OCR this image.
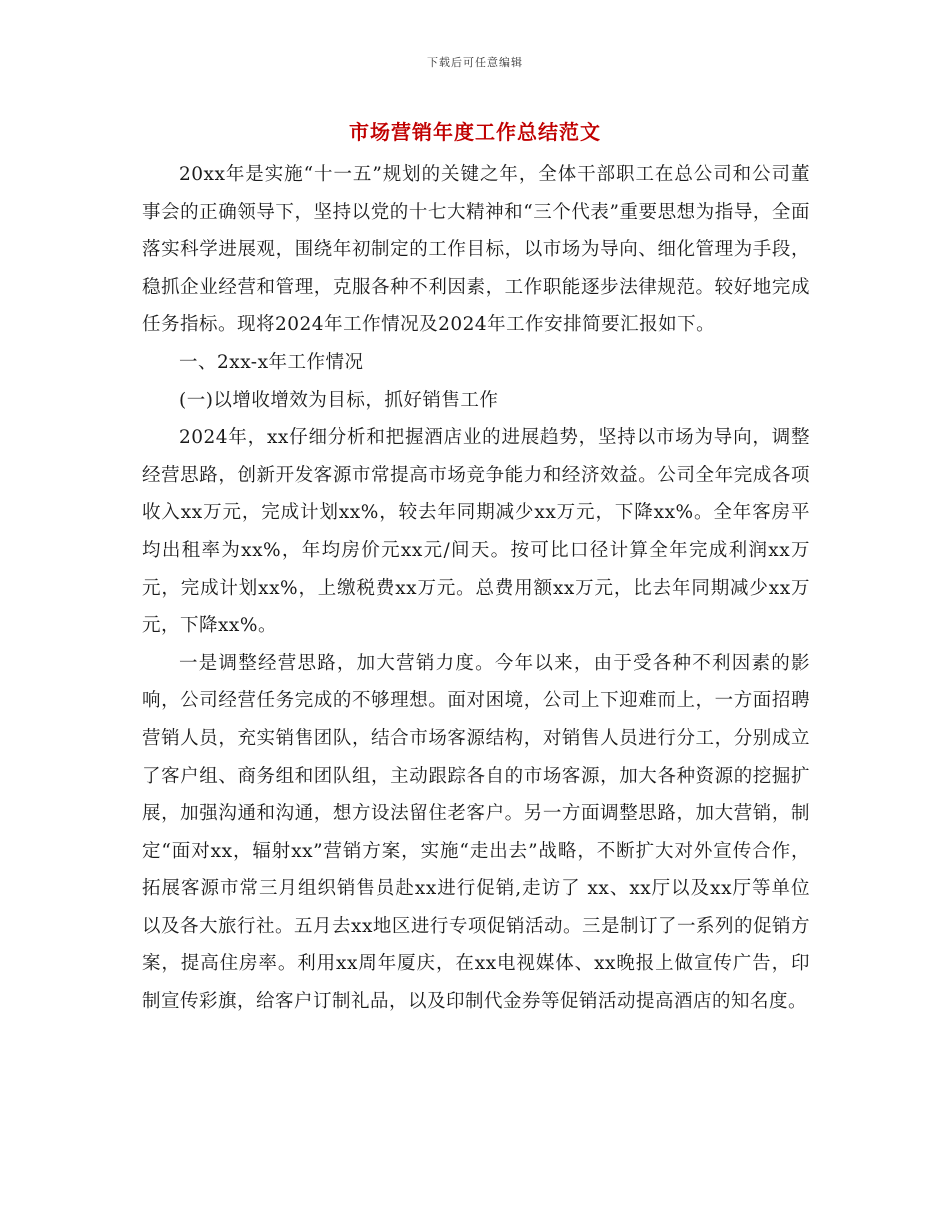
下载后可任意编辑
市场营销年度工作总结范文

20xx年是实施“十一五”规划的关键之年，全体干部职工在总公司和公司董事会的正确领导下，坚持以党的十七大精神和“三个代表”重要思想为指导，全面落实科学进展观，围绕年初制定的工作目标，以市场为导向、细化管理为手段，稳抓企业经营和管理，克服各种不利因素，工作职能逐步法律规范。较好地完成任务指标。现将2024年工作情况及2024年工作安排简要汇报如下。

一、2xx-x年工作情况

(一)以增收增效为目标，抓好销售工作

2024年，xx仔细分析和把握酒店业的进展趋势，坚持以市场为导向，调整经营思路，创新开发客源市常提高市场竞争能力和经济效益。公司全年完成各项收入xx万元，完成计划xx%，较去年同期减少xx万元，下降xx%。全年客房平均出租率为xx%，年均房价元xx元/间天。按可比口径计算全年完成利润xx万元，完成计划xx%，上缴税费xx万元。总费用额xx万元，比去年同期减少xx万元，下降xx%。

一是调整经营思路，加大营销力度。今年以来，由于受各种不利因素的影响，公司经营任务完成的不够理想。面对困境，公司上下迎难而上，一方面招聘营销人员，充实销售团队，结合市场客源结构，对销售人员进行分工，分别成立了客户组、商务组和团队组，主动跟踪各自的市场客源，加大各种资源的挖掘扩展，加强沟通和沟通，想方设法留住老客户。另一方面调整思路，加大营销，制定“面对xx，辐射xx”营销方案，实施“走出去”战略，不断扩大对外宣传合作，拓展客源市常三月组织销售员赴xx进行促销,走访了 xx、xx厅以及xx厅等单位以及各大旅行社。五月去xx地区进行专项促销活动。三是制订了一系列的促销方案，提高住房率。利用xx周年厦庆，在xx电视媒体、xx晚报上做宣传广告，印制宣传彩旗，给客户订制礼品，以及印制代金券等促销活动提高酒店的知名度。
